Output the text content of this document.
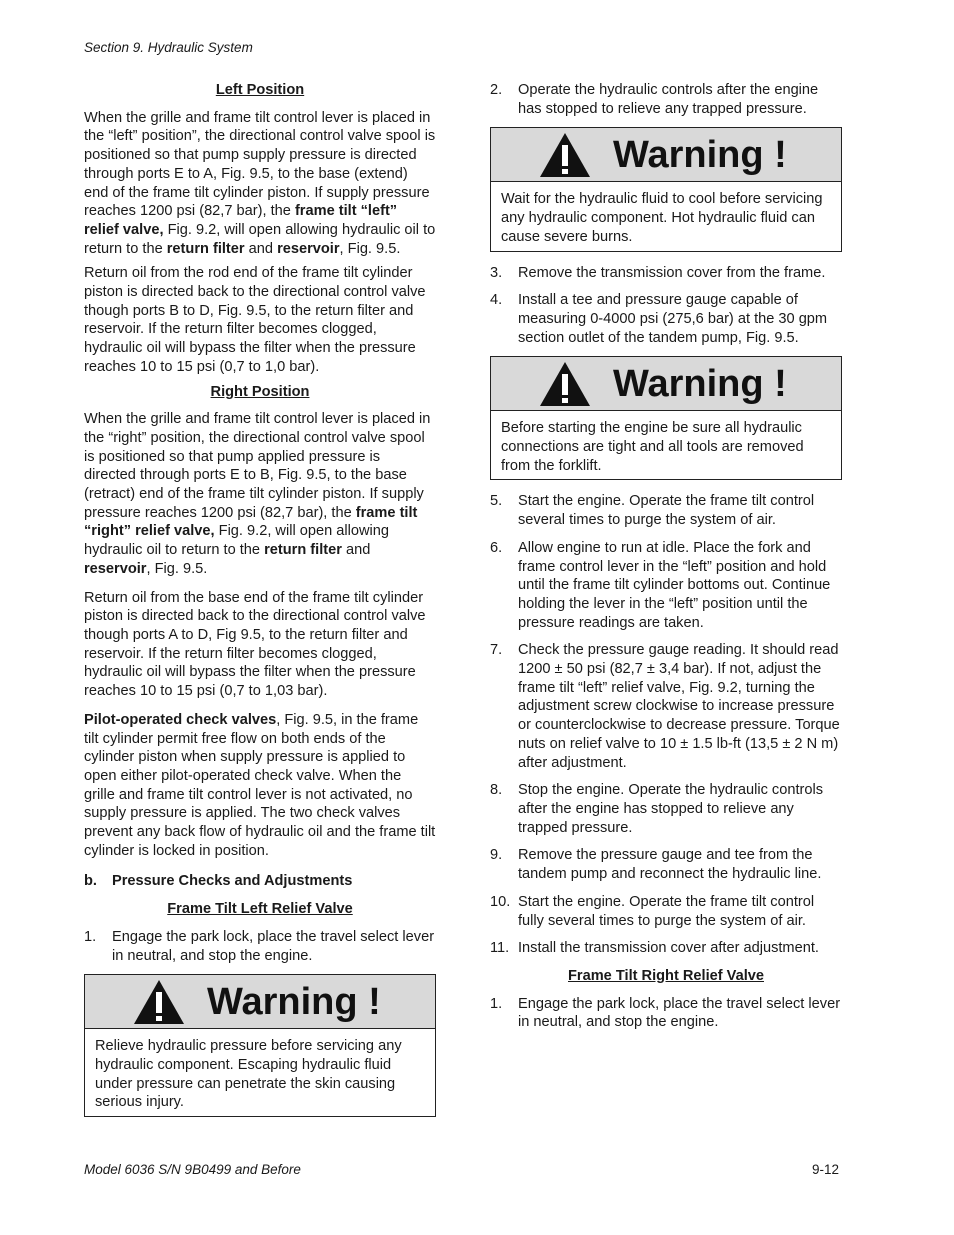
Section 9. Hydraulic System

Left Position

When the grille and frame tilt control lever is placed in the “left” position”, the directional control valve spool is positioned so that pump supply pressure is directed through ports E to A, Fig. 9.5, to the base (extend) end of the frame tilt cylinder piston. If supply pressure reaches 1200 psi (82,7 bar), the frame tilt “left” relief valve, Fig. 9.2, will open allowing hydraulic oil to return to the return filter and reservoir, Fig. 9.5.

Return oil from the rod end of the frame tilt cylinder piston is directed back to the directional control valve though ports B to D, Fig. 9.5, to the return filter and reservoir. If the return filter becomes clogged, hydraulic oil will bypass the filter when the pressure reaches 10 to 15 psi (0,7 to 1,0 bar).

Right Position

When the grille and frame tilt control lever is placed in the “right” position, the directional control valve spool is positioned so that pump applied pressure is directed through ports E to B, Fig. 9.5, to the base (retract) end of the frame tilt cylinder piston. If supply pressure reaches 1200 psi (82,7 bar), the frame tilt “right” relief valve, Fig. 9.2, will open allowing hydraulic oil to return to the return filter and reservoir, Fig. 9.5.

Return oil from the base end of the frame tilt cylinder piston is directed back to the directional control valve though ports A to D, Fig 9.5, to the return filter and reservoir. If the return filter becomes clogged, hydraulic oil will bypass the filter when the pressure reaches 10 to 15 psi (0,7 to 1,03 bar).

Pilot-operated check valves, Fig. 9.5, in the frame tilt cylinder permit free flow on both ends of the cylinder piston when supply pressure is applied to open either pilot-operated check valve. When the grille and frame tilt control lever is not activated, no supply pressure is applied. The two check valves prevent any back flow of hydraulic oil and the frame tilt cylinder is locked in position.

b.	Pressure Checks and Adjustments

Frame Tilt Left Relief Valve

1.	Engage the park lock, place the travel select lever in neutral, and stop the engine.
Warning !
Relieve hydraulic pressure before servicing any hydraulic component. Escaping hydraulic fluid under pressure can penetrate the skin causing serious injury.
2.	Operate the hydraulic controls after the engine has stopped to relieve any trapped pressure.
Warning !
Wait for the hydraulic fluid to cool before servicing any hydraulic component. Hot hydraulic fluid can cause severe burns.
3.	Remove the transmission cover from the frame.
4.	Install a tee and pressure gauge capable of measuring 0-4000 psi (275,6 bar) at the 30 gpm section outlet of the tandem pump, Fig. 9.5.
Warning !
Before starting the engine be sure all hydraulic connections are tight and all tools are removed from the forklift.
5.	Start the engine. Operate the frame tilt control several times to purge the system of air.
6.	Allow engine to run at idle. Place the fork and frame control lever in the “left” position and hold until the frame tilt cylinder bottoms out. Continue holding the lever in the “left” position until the pressure readings are taken.
7.	Check the pressure gauge reading. It should read 1200 ± 50 psi (82,7 ± 3,4 bar). If not, adjust the frame tilt “left” relief valve, Fig. 9.2, turning the adjustment screw clockwise to increase pressure or counterclockwise to decrease pressure. Torque nuts on relief valve to 10 ± 1.5 lb-ft (13,5 ± 2 N m) after adjustment.
8.	Stop the engine. Operate the hydraulic controls after the engine has stopped to relieve any trapped pressure.
9.	Remove the pressure gauge and tee from the tandem pump and reconnect the hydraulic line.
10. Start the engine. Operate the frame tilt control fully several times to purge the system of air.
11. Install the transmission cover after adjustment.

Frame Tilt Right Relief Valve

1.	Engage the park lock, place the travel select lever in neutral, and stop the engine.
Model 6036 S/N 9B0499 and Before	9-12
